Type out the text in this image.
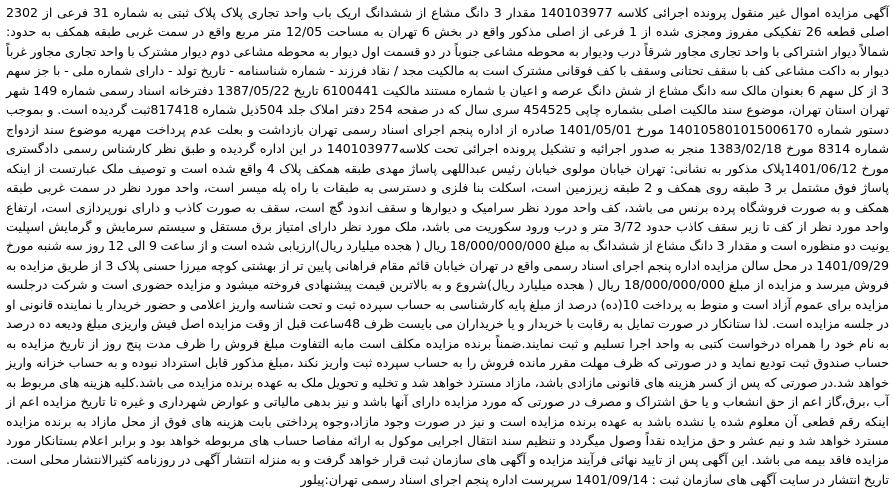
آگهی مزایده اموال غیر منقول پرونده اجرائی کلاسه 140103977 مقدار 3 دانگ مشاع از ششدانگ اریک باب واحد تجاری پلاک پلاک ثبتی به شماره 31 فرعی از 2302 اصلی قطعه 26 تفکیکی مفروز ومجزی شده از 1 فرعی از اصلی مذکور واقع در بخش 6 تهران به مساحت 12/05 متر مربع واقع در سمت غربی طبقه همکف به حدود: شمالاً دیوار اشتراکی با واحد تجاری مجاور شرقاً درب ودیوار به محوطه مشاعی جنوباً در دو قسمت اول دیوار به محوطه مشاعی دوم دیوار مشترک با واحد تجاری مجاور غرباً دیوار به داکت مشاعی کف با سقف تحتانی وسقف با کف فوقانی مشترک است به مالکیت مجد / نقاد فرزند - شماره شناسنامه - تاریخ تولد - دارای شماره ملی - با جز سهم 3 از کل سهم 6 بعنوان مالک سه دانگ مشاع از شش دانگ عرصه و اعیان با شماره مستند مالکیت 6100441 تاریخ 1387/05/22 دفترخانه اسناد رسمی شماره 149 شهر تهران استان تهران، موضوع سند مالکیت اصلی بشماره چاپی 454525 سری سال که در صفحه 254 دفتر املاک جلد 504ذیل شماره 817418ثبت گردیده است. و بموجب دستور شماره 140105801015006170 مورخ 1401/05/01 صادره از اداره پنجم اجرای اسناد رسمی تهران بازداشت و بعلت عدم پرداخت مهریه موضوع سند ازدواج شماره 8314 مورخ 1383/02/18 منجر به صدور اجرائیه و تشکیل پرونده اجرائی تحت کلاسه140103977 در این اداره گردیده و طبق نظر کارشناس رسمی دادگستری مورخ 1401/06/12پلاک مذکور به نشانی: تهران خیابان مولوی خیابان رئیس عبداللهی پاساژ مهدی طبقه همکف پلاک 4 واقع شده است و توصیف ملک عبارتست از اینکه پاساژ فوق مشتمل بر 3 طبقه روی همکف و 2 طبقه زیرزمین است، اسکلت بنا فلزی و دسترسی به طبقات با راه پله میسر است، واحد مورد نظر در سمت غربی طبقه همکف و به صورت فروشگاه پرده برنس می باشد، کف واحد مورد نظر سرامیک و دیوارها و سقف اندود گچ است، سقف به صورت کاذب و دارای نورپردازی است، ارتفاع واحد مورد نظر از کف تا زیر سقف کاذب حدود 3/72 متر و درب ورود سکوریت می باشد، ملک مورد نظر دارای امتیاز برق مستقل و سیستم سرمایش و گرمایش اسپلیت یونیت دو منظوره است و مقدار 3 دانگ مشاع از ششدانگ به مبلغ 18/000/000/000 ریال ( هجده میلیارد ریال)ارزیابی شده است و از ساعت 9 الی 12 روز سه شنبه مورخ 1401/09/29 در محل سالن مزایده اداره پنجم اجرای اسناد رسمی واقع در تهران خیابان قائم مقام فراهانی پایین تر از بهشتی کوچه میرزا حسنی پلاک 3 از طریق مزایده به فروش میرسد و مزایده از مبلغ 18/000/000/000 ریال ( هجده میلیارد ریال)شروع و به بالاترین قیمت پیشنهادی فروخته میشود و مزایده حضوری است و شرکت درجلسه مزایده برای عموم آزاد است و منوط به پرداخت 10(ده) درصد از مبلغ پایه کارشناسی به حساب سپرده ثبت و تحت شناسه واریز اعلامی و حضور خریدار یا نماینده قانونی او در جلسه مزایده است. لذا ستانکار در صورت تمایل به رقابت با خریدار و یا خریداران می بایست ظرف 48ساعت قبل از وقت مزایده اصل فیش واریزی مبلغ ودیعه ده درصد به نام خود را همراه درخواست کتبی به واحد اجرا تسلیم و ثبت نمایند.ضمناً برنده مزایده مکلف است مابه التفاوت مبلغ فروش را ظرف مدت پنج روز از تاریخ مزایده به حساب صندوق ثبت تودیع نماید و در صورتی که ظرف مهلت مقرر مانده فروش را به حساب سپرده ثبت واریز نکند ،مبلغ مذکور قابل استرداد نبوده و به حساب خزانه واریز خواهد شد.در صورتی که پس از کسر هزینه های قانونی مازادی باشد، مازاد مسترد خواهد شد و تخلیه و تحویل ملک به عهده برنده مزایده می باشد.کلیه هزینه های مربوط به آب ،برق،گاز اعم از حق انشعاب و یا حق اشتراک و مصرف در صورتی که مورد مزایده دارای آنها باشد و نیز بدهی مالیاتی و عوارض شهرداری و غیره تا تاریخ مزایده اعم از اینکه رقم قطعی آن معلوم شده یا نشده باشد به عهده برنده مزایده است و نیز در صورت وجود مازاد،وجوه پرداختی بابت هزینه های فوق از محل مازاد به برنده مزایده مسترد خواهد شد و نیم عشر و حق مزایده نقداً وصول میگردد و تنظیم سند انتقال اجرایی موکول به ارائه مفاصا حساب های مربوطه خواهد بود و برابر اعلام بستانکار مورد مزایده فاقد بیمه می باشد. این آگهی پس از تایید نهائی فرآیند مزایده و آگهی های سازمان ثبت قرار خواهد گرفت و به منزله انتشار آگهی در روزنامه کثیرالانتشار محلی است. تاریخ انتشار در سایت آگهی های سازمان ثبت : 1401/09/14 سرپرست اداره پنجم اجرای اسناد رسمی تهران:پیلور
